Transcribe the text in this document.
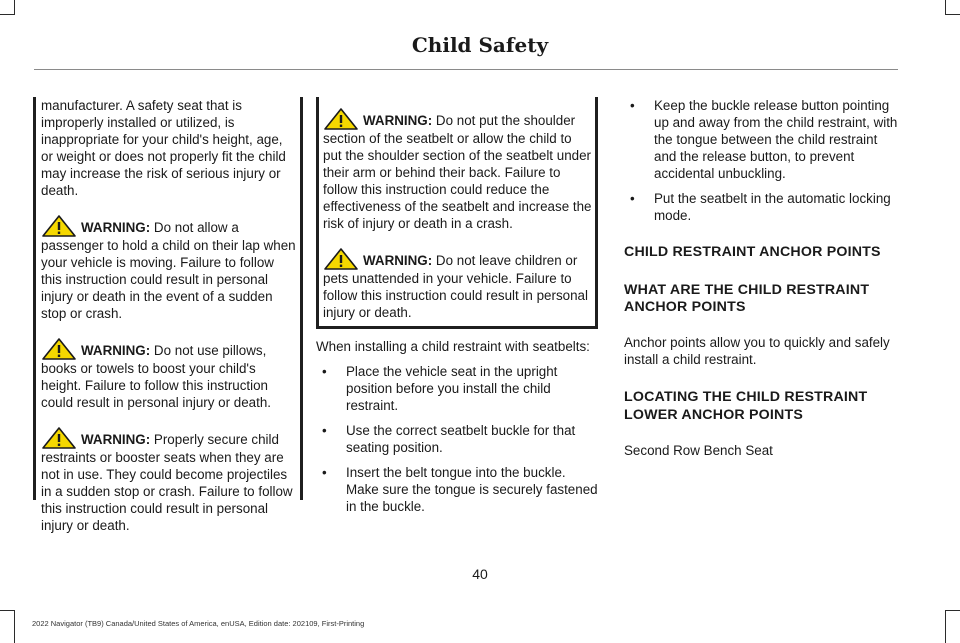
Child Safety

manufacturer. A safety seat that is improperly installed or utilized, is inappropriate for your child's height, age, or weight or does not properly fit the child may increase the risk of serious injury or death.

WARNING: Do not allow a passenger to hold a child on their lap when your vehicle is moving. Failure to follow this instruction could result in personal injury or death in the event of a sudden stop or crash.

WARNING: Do not use pillows, books or towels to boost your child's height. Failure to follow this instruction could result in personal injury or death.

WARNING: Properly secure child restraints or booster seats when they are not in use. They could become projectiles in a sudden stop or crash. Failure to follow this instruction could result in personal injury or death.

WARNING: Do not put the shoulder section of the seatbelt or allow the child to put the shoulder section of the seatbelt under their arm or behind their back. Failure to follow this instruction could reduce the effectiveness of the seatbelt and increase the risk of injury or death in a crash.

WARNING: Do not leave children or pets unattended in your vehicle. Failure to follow this instruction could result in personal injury or death.

When installing a child restraint with seatbelts:

• Place the vehicle seat in the upright position before you install the child restraint.
• Use the correct seatbelt buckle for that seating position.
• Insert the belt tongue into the buckle. Make sure the tongue is securely fastened in the buckle.
• Keep the buckle release button pointing up and away from the child restraint, with the tongue between the child restraint and the release button, to prevent accidental unbuckling.
• Put the seatbelt in the automatic locking mode.
CHILD RESTRAINT ANCHOR POINTS
WHAT ARE THE CHILD RESTRAINT ANCHOR POINTS

Anchor points allow you to quickly and safely install a child restraint.

LOCATING THE CHILD RESTRAINT LOWER ANCHOR POINTS

Second Row Bench Seat

40
2022 Navigator (TB9) Canada/United States of America, enUSA, Edition date: 202109, First-Printing
